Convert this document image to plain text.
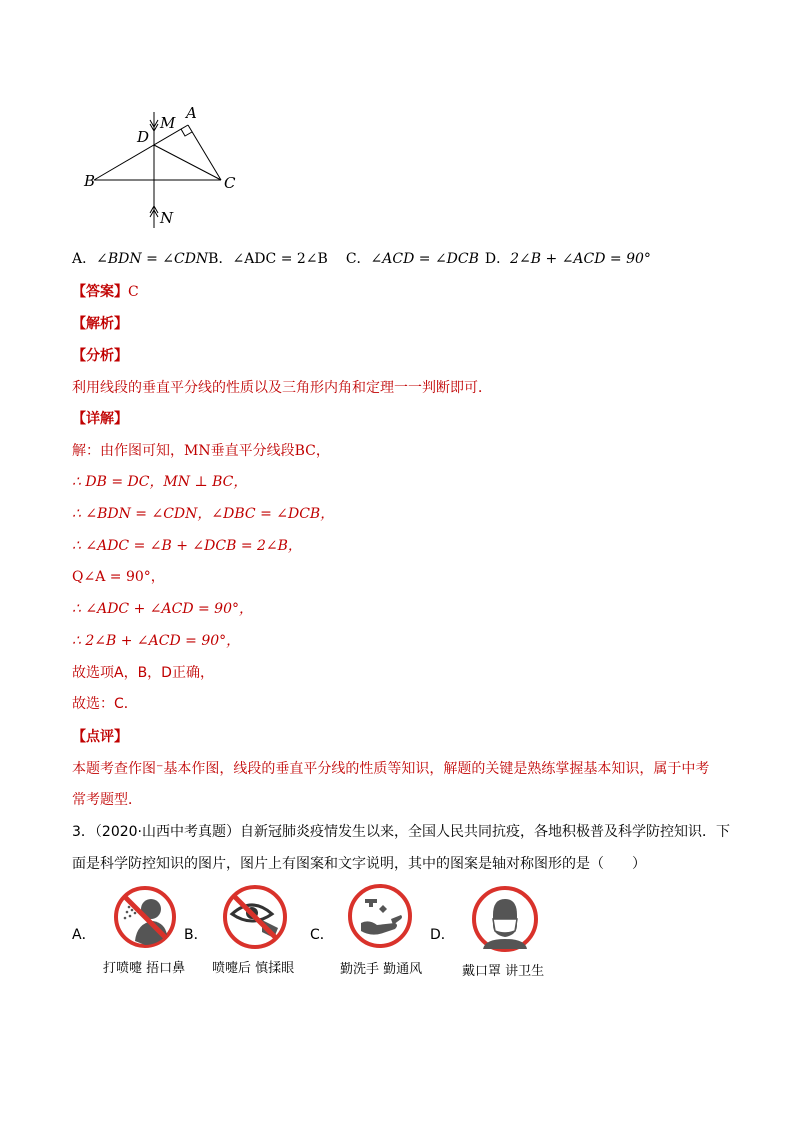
A
M
D
B	C
N
A．∠BDN = ∠CDNB．∠ADC = 2∠B C．∠ACD = ∠DCB D．2∠B + ∠ACD = 90°
【答案】C
【解析】
【分析】
利用线段的垂直平分线的性质以及三角形内角和定理一一判断即可．
【详解】
解：由作图可知，MN垂直平分线段BC，
∴ DB = DC，MN ⊥ BC，
∴ ∠BDN = ∠CDN，∠DBC = ∠DCB，
∴ ∠ADC = ∠B + ∠DCB = 2∠B，
Q∠A = 90°，
∴ ∠ADC + ∠ACD = 90°，
∴ 2∠B + ∠ACD = 90°，
故选项A，B，D正确，
故选：C．
【点评】
本题考查作图⁻基本作图，线段的垂直平分线的性质等知识，解题的关键是熟练掌握基本知识，属于中考
常考题型．
3．（2020·山西中考真题）自新冠肺炎疫情发生以来，全国人民共同抗疫，各地积极普及科学防控知识．下
面是科学防控知识的图片，图片上有图案和文字说明，其中的图案是轴对称图形的是（　　）
A．	B．	C．	D．
打喷嚏 捂口鼻 喷嚏后 慎揉眼	勤洗手 勤通风	戴口罩 讲卫生
